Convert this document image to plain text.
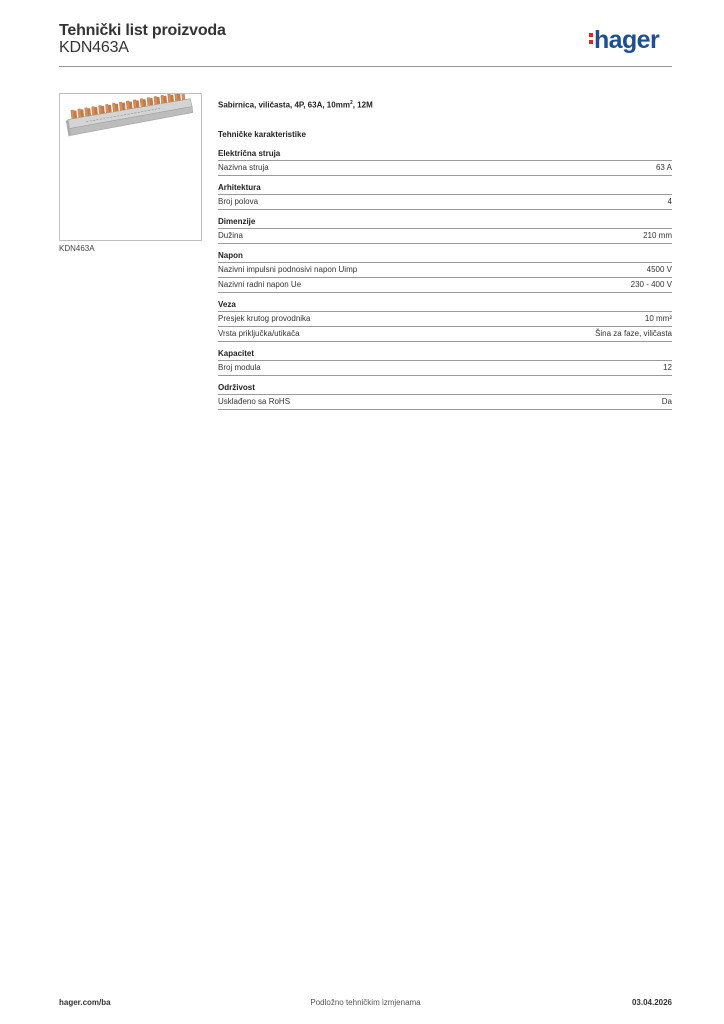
Tehnički list proizvoda
KDN463A	hager
KDN463A
Sabirnica, viličasta, 4P, 63A, $10mm^2$, 12M
Tehničke karakteristike
Električna struja
Nazivna struja	63 A
Arhitektura
Broj polova	4
Dimenzije
Dužina	210 mm
Napon
Nazivni impulsni podnosivi napon Uimp	4500 V
Nazivni radni napon Ue	230 - 400 V
Veza
Presjek krutog provodnika	10 mm²
Vrsta priključka/utikača	Šina za faze, viličasta
Kapacitet
Broj modula	12
Održivost
Usklađeno sa RoHS	Da
hager.com/ba	Podložno tehničkim izmjenama	03.04.2026
